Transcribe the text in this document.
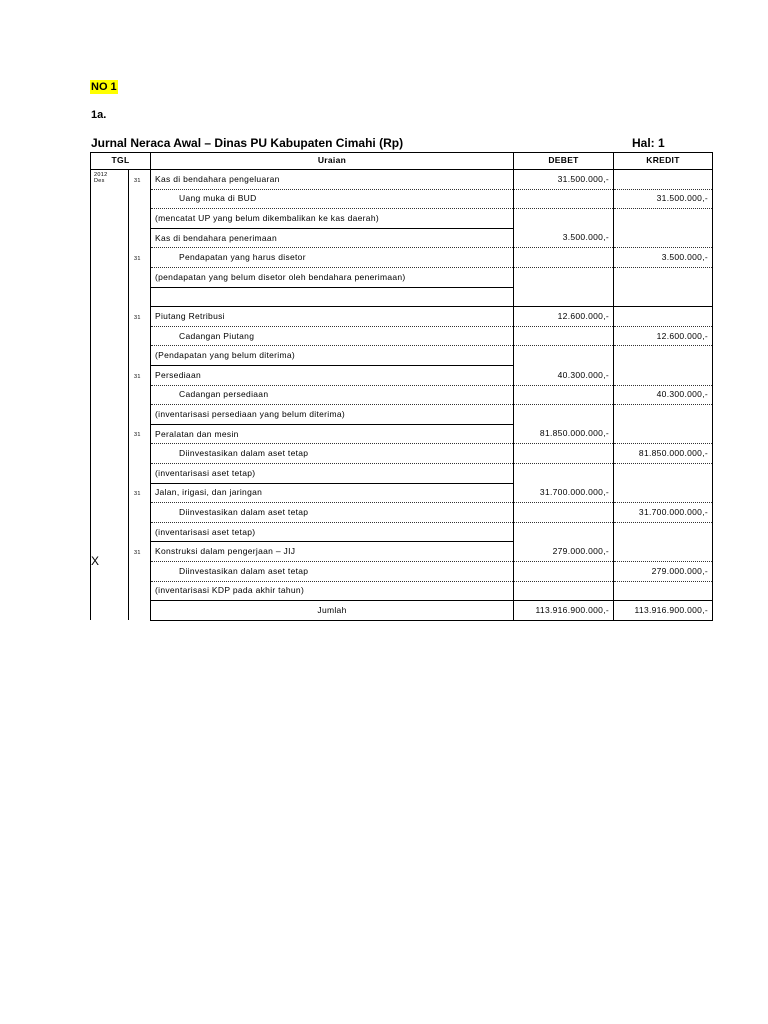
NO 1
1a.
Jurnal Neraca Awal – Dinas PU Kabupaten Cimahi (Rp)	Hal: 1
TGL		Uraian	DEBET	KREDIT

2012
Des	31	Kas di bendahara pengeluaran	31.500.000,-	
		Uang muka di BUD		31.500.000,-
		(mencatat UP yang belum dikembalikan ke kas daerah)		
		Kas di bendahara penerimaan	3.500.000,-	
	31	Pendapatan yang harus disetor		3.500.000,-
		(pendapatan yang belum disetor oleh bendahara penerimaan)		

	31	Piutang Retribusi	12.600.000,-	
		Cadangan Piutang		12.600.000,-
		(Pendapatan yang belum diterima)		
	31	Persediaan	40.300.000,-	
		Cadangan persediaan		40.300.000,-
		(inventarisasi persediaan yang belum diterima)		
	31	Peralatan dan mesin	81.850.000.000,-	
		Diinvestasikan dalam aset tetap		81.850.000.000,-
		(inventarisasi aset tetap)		
	31	Jalan, irigasi, dan jaringan	31.700.000.000,-	
		Diinvestasikan dalam aset tetap		31.700.000.000,-
		(inventarisasi aset tetap)		
	31	Konstruksi dalam pengerjaan – JIJ	279.000.000,-	
		Diinvestasikan dalam aset tetap		279.000.000,-
		(inventarisasi KDP pada akhir tahun)		
		Jumlah	113.916.900.000,-	113.916.900.000,-
X
